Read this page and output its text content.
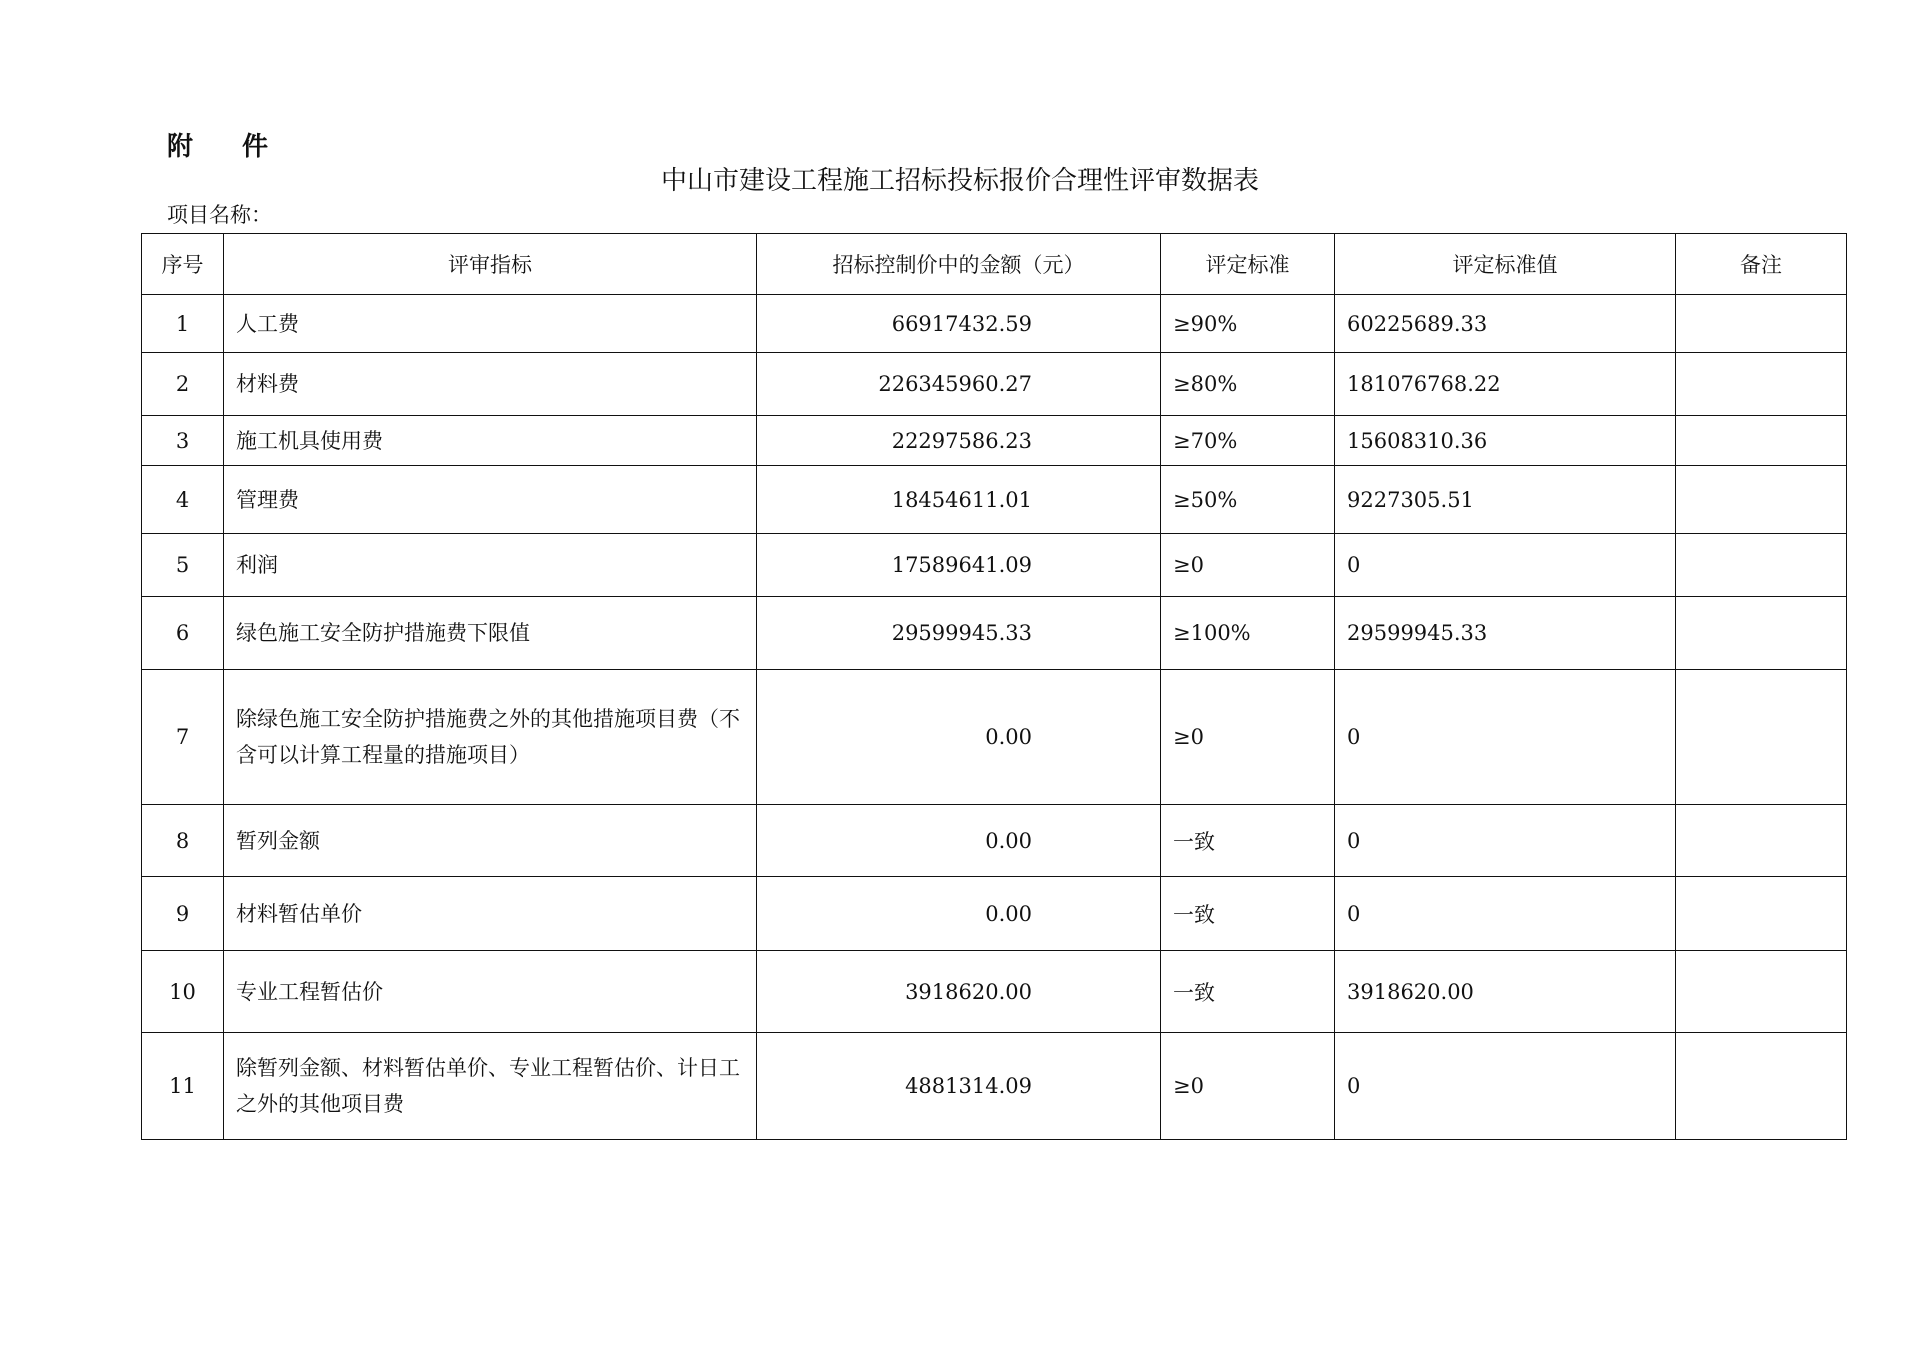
附 件
中山市建设工程施工招标投标报价合理性评审数据表
项目名称：
序号	评审指标	招标控制价中的金额（元）	评定标准	评定标准值	备注
1	人工费	66917432.59	≥90%	60225689.33	
2	材料费	226345960.27	≥80%	181076768.22	
3	施工机具使用费	22297586.23	≥70%	15608310.36	
4	管理费	18454611.01	≥50%	9227305.51	
5	利润	17589641.09	≥0	0	
6	绿色施工安全防护措施费下限值	29599945.33	≥100%	29599945.33	
7	除绿色施工安全防护措施费之外的其他措施项目费（不含可以计算工程量的措施项目）	0.00	≥0	0	
8	暂列金额	0.00	一致	0	
9	材料暂估单价	0.00	一致	0	
10	专业工程暂估价	3918620.00	一致	3918620.00	
11	除暂列金额、材料暂估单价、专业工程暂估价、计日工之外的其他项目费	4881314.09	≥0	0	
